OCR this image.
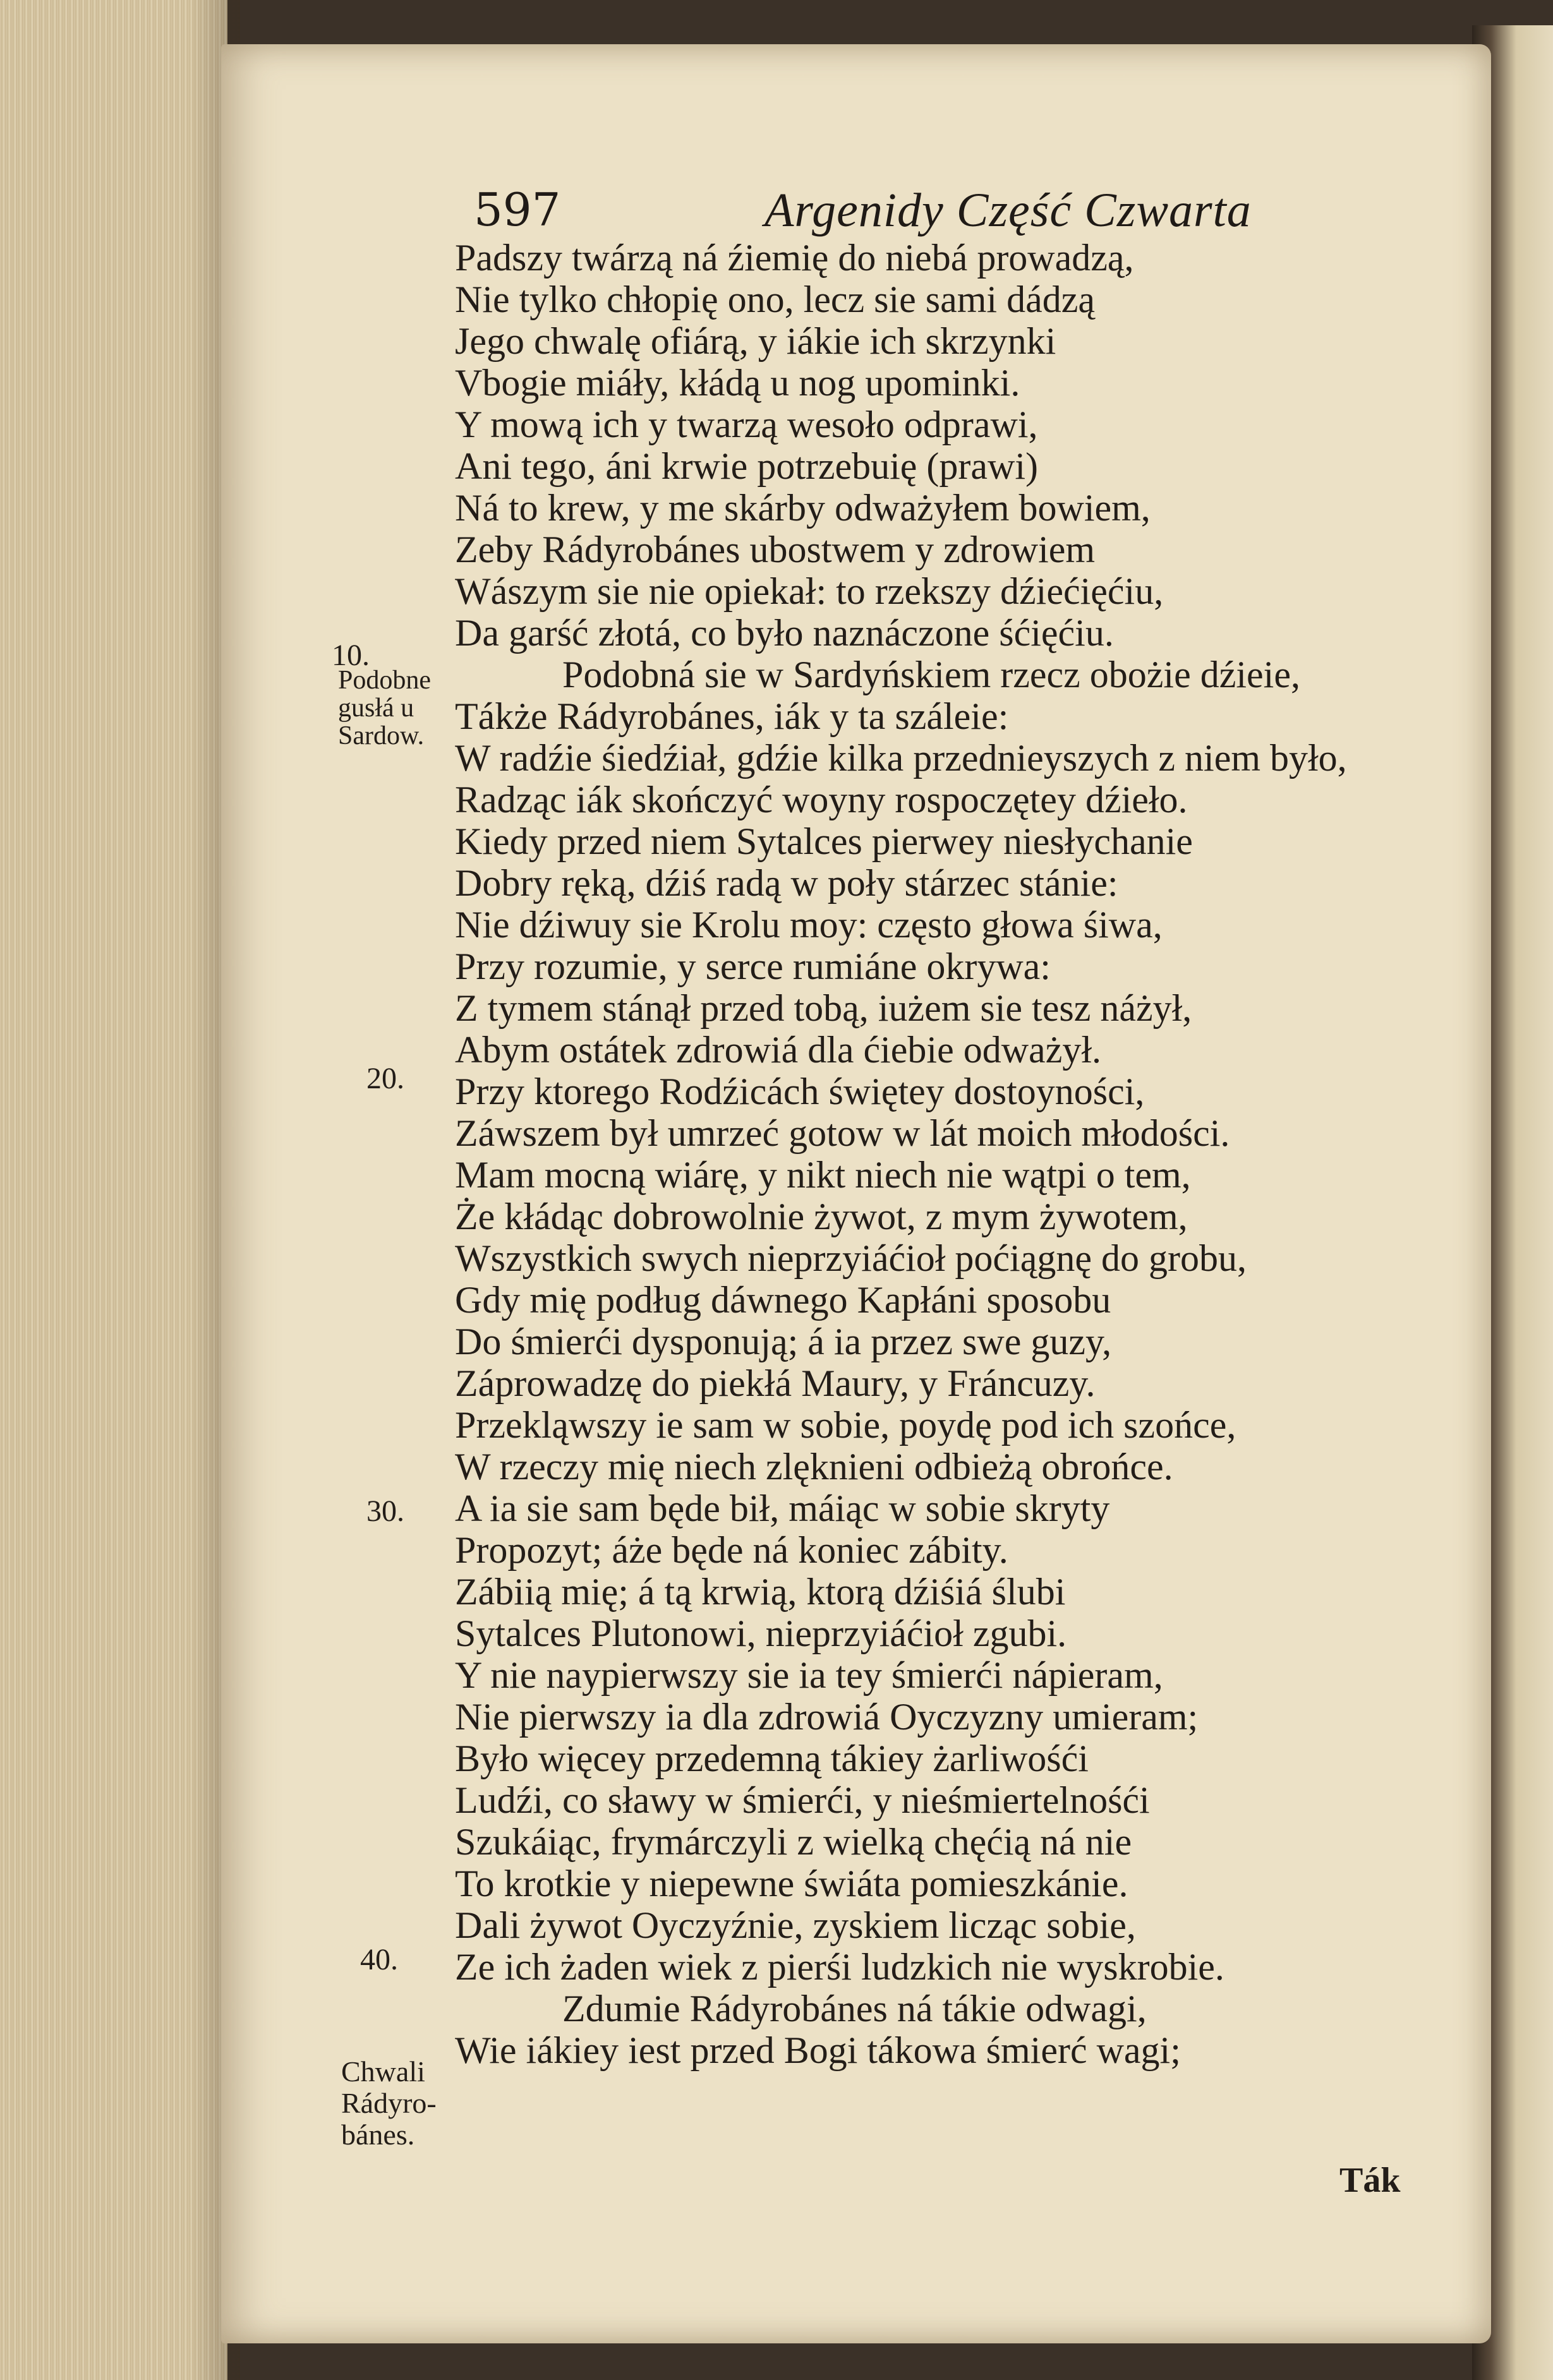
597	Argenidy Część Czwarta
Padszy twárzą ná źiemię do niebá prowadzą,
Nie tylko chłopię ono, lecz sie sami dádzą
Jego chwalę ofiárą, y iákie ich skrzynki
Vbogie miáły, kłádą u nog upominki.
Y mową ich y twarzą wesoło odprawi,
Ani tego, áni krwie potrzebuię (prawi)
Ná to krew, y me skárby odważyłem bowiem,
Zeby Rádyrobánes ubostwem y zdrowiem
Wászym sie nie opiekał: to rzekszy dźiećięćiu,
Da garść złotá, co było naznáczone śćięćiu.
Podobná sie w Sardyńskiem rzecz obożie dźieie,
Tákże Rádyrobánes, iák y ta száleie:
W radźie śiedźiał, gdźie kilka przednieyszych z niem było,
Radząc iák skończyć woyny rospoczętey dźieło.
Kiedy przed niem Sytalces pierwey niesłychanie
Dobry ręką, dźiś radą w poły stárzec stánie:
Nie dźiwuy sie Krolu moy: często głowa śiwa,
Przy rozumie, y serce rumiáne okrywa:
Z tymem stánął przed tobą, iużem sie tesz náżył,
Abym ostátek zdrowiá dla ćiebie odważył.
Przy ktorego Rodźicách świętey dostoyności,
Záwszem był umrzeć gotow w lát moich młodości.
Mam mocną wiárę, y nikt niech nie wątpi o tem,
Że kłádąc dobrowolnie żywot, z mym żywotem,
Wszystkich swych nieprzyiáćioł poćiągnę do grobu,
Gdy mię podług dáwnego Kapłáni sposobu
Do śmierći dysponują; á ia przez swe guzy,
Záprowadzę do piekłá Maury, y Fráncuzy.
Przekląwszy ie sam w sobie, poydę pod ich szońce,
W rzeczy mię niech zlęknieni odbieżą obrońce.
A ia sie sam będe bił, máiąc w sobie skryty
Propozyt; áże będe ná koniec zábity.
Zábiią mię; á tą krwią, ktorą dźiśiá ślubi
Sytalces Plutonowi, nieprzyiáćioł zgubi.
Y nie naypierwszy sie ia tey śmierći nápieram,
Nie pierwszy ia dla zdrowiá Oyczyzny umieram;
Było więcey przedemną tákiey żarliwośći
Ludźi, co sławy w śmierći, y nieśmiertelnośći
Szukáiąc, frymárczyli z wielką chęćią ná nie
To krotkie y niepewne świáta pomieszkánie.
Dali żywot Oyczyźnie, zyskiem licząc sobie,
Ze ich żaden wiek z pierśi ludzkich nie wyskrobie.
Zdumie Rádyrobánes ná tákie odwagi,
Wie iákiey iest przed Bogi tákowa śmierć wagi;
10.
20.
30.
40.
Podobne
gusłá u
Sardow.
Chwali
Rádyro-
bánes.
Ták
